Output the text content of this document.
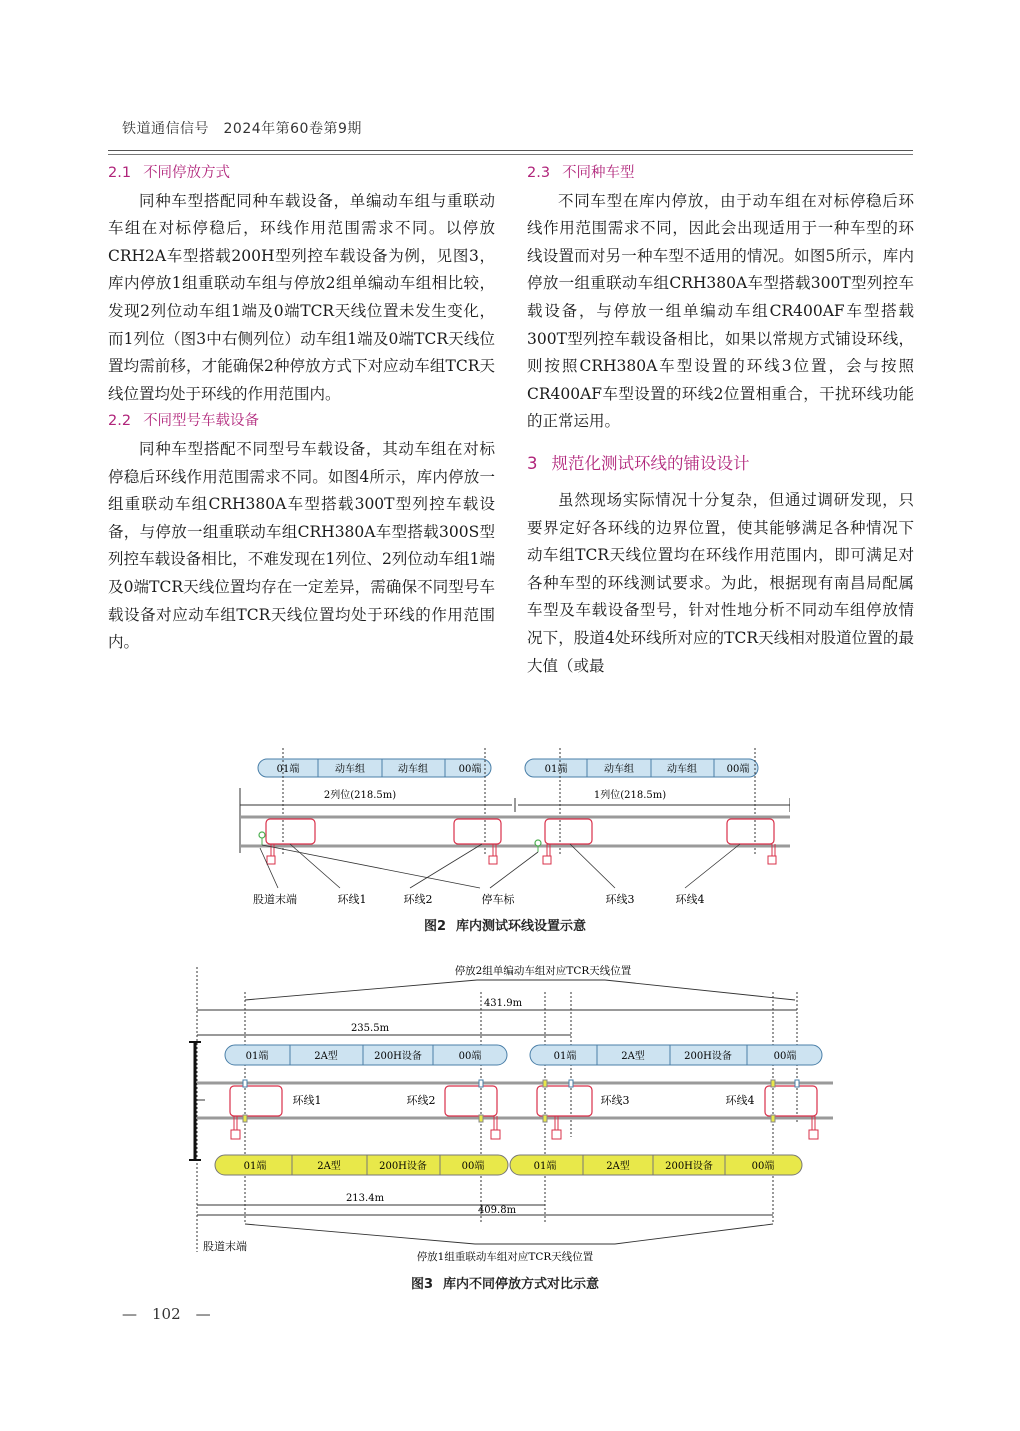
铁道通信信号　2024年第60卷第9期
2.1 不同停放方式

同种车型搭配同种车载设备，单编动车组与重联动车组在对标停稳后，环线作用范围需求不同。以停放CRH2A车型搭载200H型列控车载设备为例，见图3，库内停放1组重联动车组与停放2组单编动车组相比较，发现2列位动车组1端及0端TCR天线位置未发生变化，而1列位（图3中右侧列位）动车组1端及0端TCR天线位置均需前移，才能确保2种停放方式下对应动车组TCR天线位置均处于环线的作用范围内。

2.2 不同型号车载设备

同种车型搭配不同型号车载设备，其动车组在对标停稳后环线作用范围需求不同。如图4所示，库内停放一组重联动车组CRH380A车型搭载300T型列控车载设备，与停放一组重联动车组CRH380A车型搭载300S型列控车载设备相比，不难发现在1列位、2列位动车组1端及0端TCR天线位置均存在一定差异，需确保不同型号车载设备对应动车组TCR天线位置均处于环线的作用范围内。

2.3 不同种车型

不同车型在库内停放，由于动车组在对标停稳后环线作用范围需求不同，因此会出现适用于一种车型的环线设置而对另一种车型不适用的情况。如图5所示，库内停放一组重联动车组CRH380A车型搭载300T型列控车载设备，与停放一组单编动车组CR400AF车型搭载300T型列控车载设备相比，如果以常规方式铺设环线，则按照CRH380A车型设置的环线3位置，会与按照CR400AF车型设置的环线2位置相重合，干扰环线功能的正常运用。

3 规范化测试环线的铺设设计

虽然现场实际情况十分复杂，但通过调研发现，只要界定好各环线的边界位置，使其能够满足各种情况下动车组TCR天线位置均在环线作用范围内，即可满足对各种车型的环线测试要求。为此，根据现有南昌局配属车型及车载设备型号，针对性地分析不同动车组停放情况下，股道4处环线所对应的TCR天线相对股道位置的最大值（或最

01端	动车组	动车组	00端	01端	动车组	动车组	00端
2列位(218.5m)	1列位(218.5m)
股道末端	环线1	环线2	停车标	环线3	环线4
图2 库内测试环线设置示意
停放2组单编动车组对应TCR天线位置
431.9m
235.5m
01端	2A型	200H设备	00端	01端	2A型	200H设备	00端
环线1	环线2	环线3	环线4
01端	2A型	200H设备	00端	01端	2A型	200H设备	00端
213.4m
409.8m
股道末端
停放1组重联动车组对应TCR天线位置
图3 库内不同停放方式对比示意
—　102　—
